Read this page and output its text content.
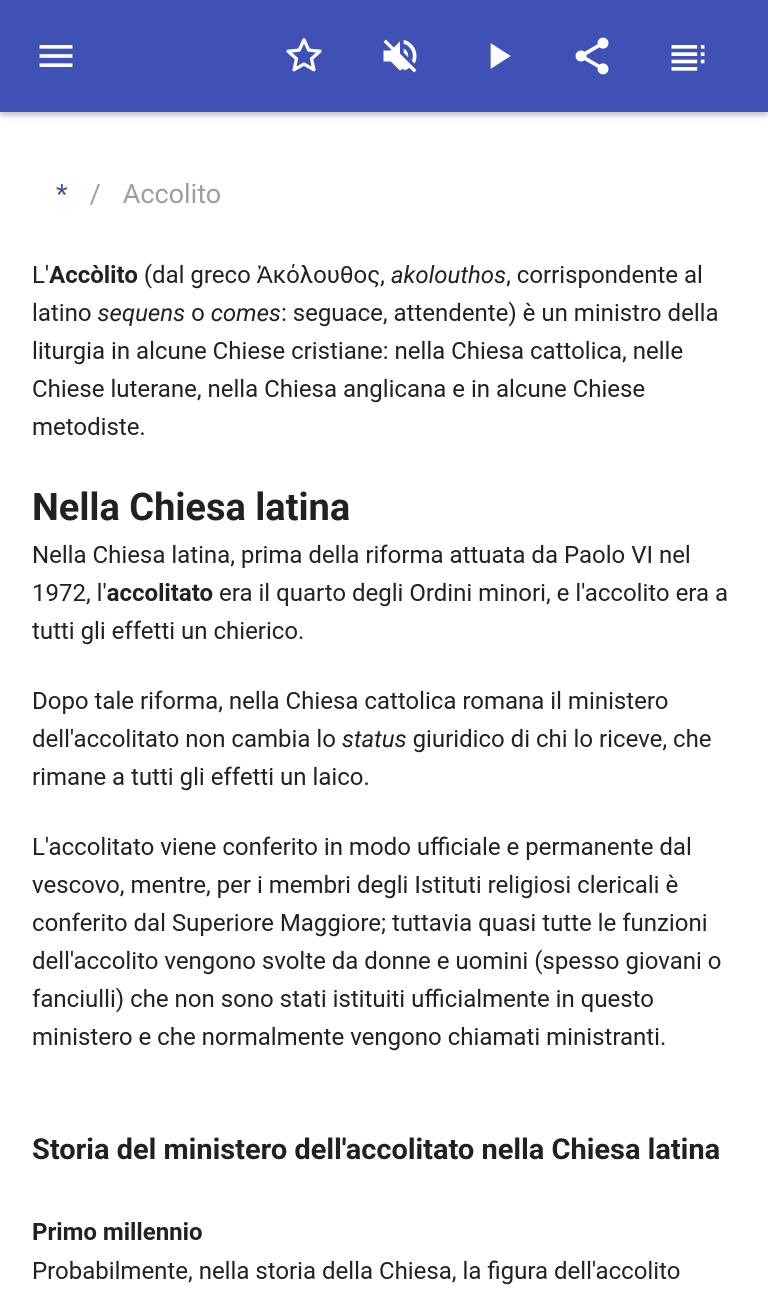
* / Accolito

L'Accòlito (dal greco Ἀκόλουθος, akolouthos, corrispondente al latino sequens o comes: seguace, attendente) è un ministro della liturgia in alcune Chiese cristiane: nella Chiesa cattolica, nelle Chiese luterane, nella Chiesa anglicana e in alcune Chiese metodiste.

Nella Chiesa latina

Nella Chiesa latina, prima della riforma attuata da Paolo VI nel 1972, l'accolitato era il quarto degli Ordini minori, e l'accolito era a tutti gli effetti un chierico.

Dopo tale riforma, nella Chiesa cattolica romana il ministero dell'accolitato non cambia lo status giuridico di chi lo riceve, che rimane a tutti gli effetti un laico.

L'accolitato viene conferito in modo ufficiale e permanente dal vescovo, mentre, per i membri degli Istituti religiosi clericali è conferito dal Superiore Maggiore; tuttavia quasi tutte le funzioni dell'accolito vengono svolte da donne e uomini (spesso giovani o fanciulli) che non sono stati istituiti ufficialmente in questo ministero e che normalmente vengono chiamati ministranti.

Storia del ministero dell'accolitato nella Chiesa latina
Primo millennio

Probabilmente, nella storia della Chiesa, la figura dell'accolito
